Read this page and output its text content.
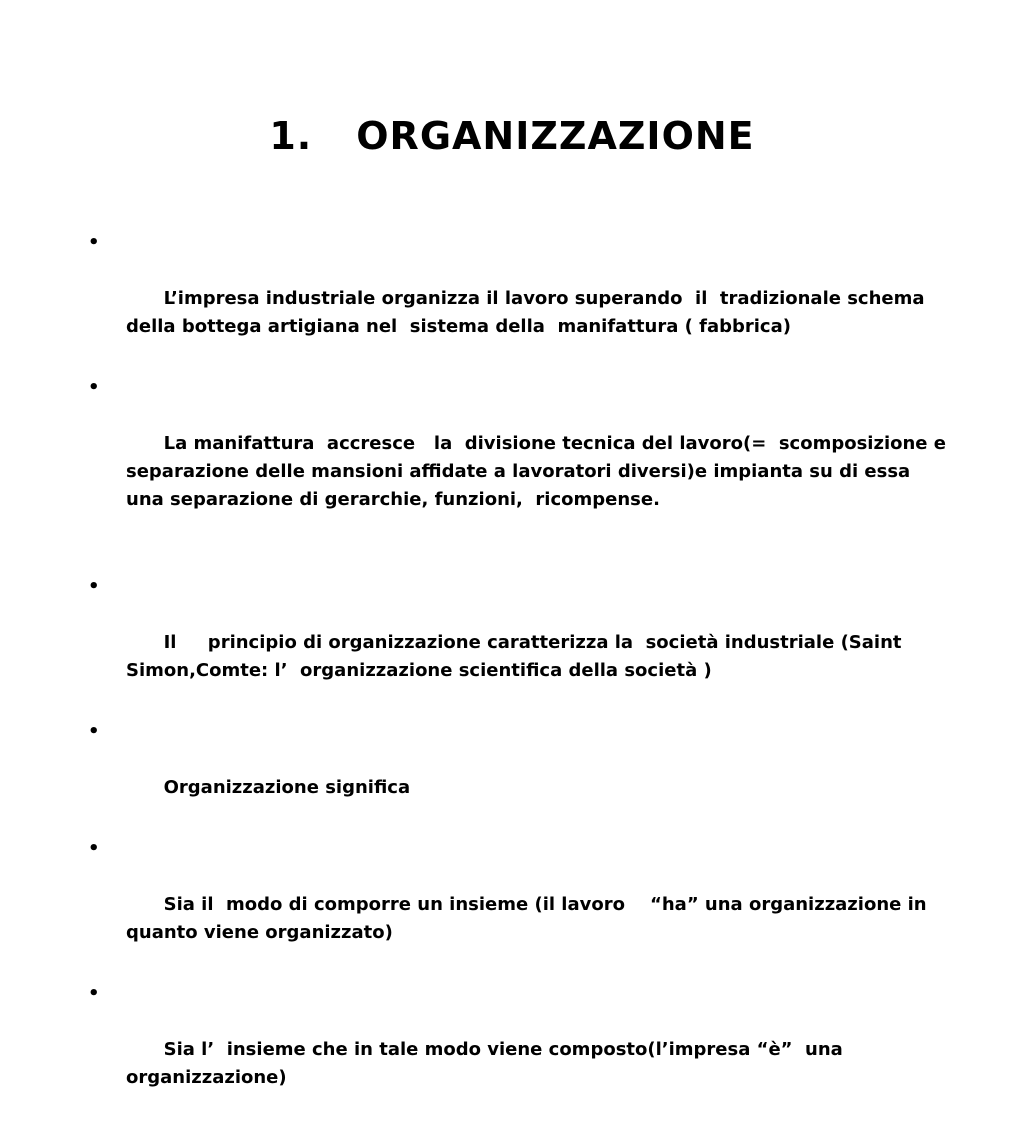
1. ORGANIZZAZIONE

•

L’impresa industriale organizza il lavoro superando  il  tradizionale schema della bottega artigiana nel  sistema della  manifattura ( fabbrica)

•

La manifattura  accresce   la  divisione tecnica del lavoro(=  scomposizione e separazione delle mansioni affidate a lavoratori diversi)e impianta su di essa una separazione di gerarchie, funzioni,  ricompense.

•

Il     principio di organizzazione caratterizza la  società industriale (Saint Simon,Comte: l’  organizzazione scientifica della società )

•

Organizzazione significa

•

Sia il  modo di comporre un insieme (il lavoro    “ha” una organizzazione in quanto viene organizzato)

•

Sia l’  insieme che in tale modo viene composto(l’impresa “è”  una organizzazione)
